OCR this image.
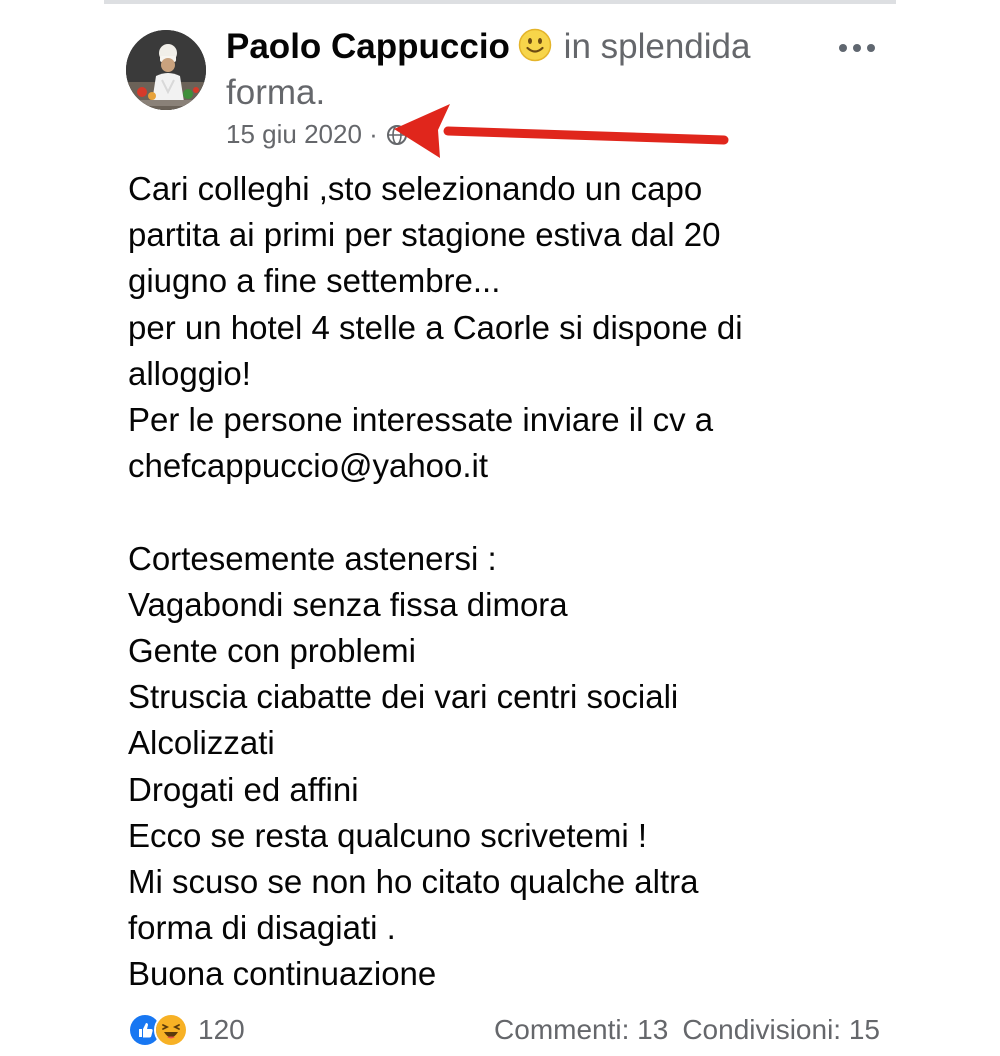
Paolo Cappuccio in splendida forma.
15 giu 2020 ·

Cari colleghi ,sto selezionando un capo

partita ai primi per stagione estiva dal 20

giugno a fine settembre...

per un hotel 4 stelle a Caorle si dispone di

alloggio!

Per le persone interessate inviare il cv a

chefcappuccio@yahoo.it

Cortesemente astenersi :

Vagabondi senza fissa dimora

Gente con problemi

Struscia ciabatte dei vari centri sociali

Alcolizzati

Drogati ed affini

Ecco se resta qualcuno scrivetemi !

Mi scuso se non ho citato qualche altra

forma di disagiati .

Buona continuazione

120	Commenti: 13 Condivisioni: 15
